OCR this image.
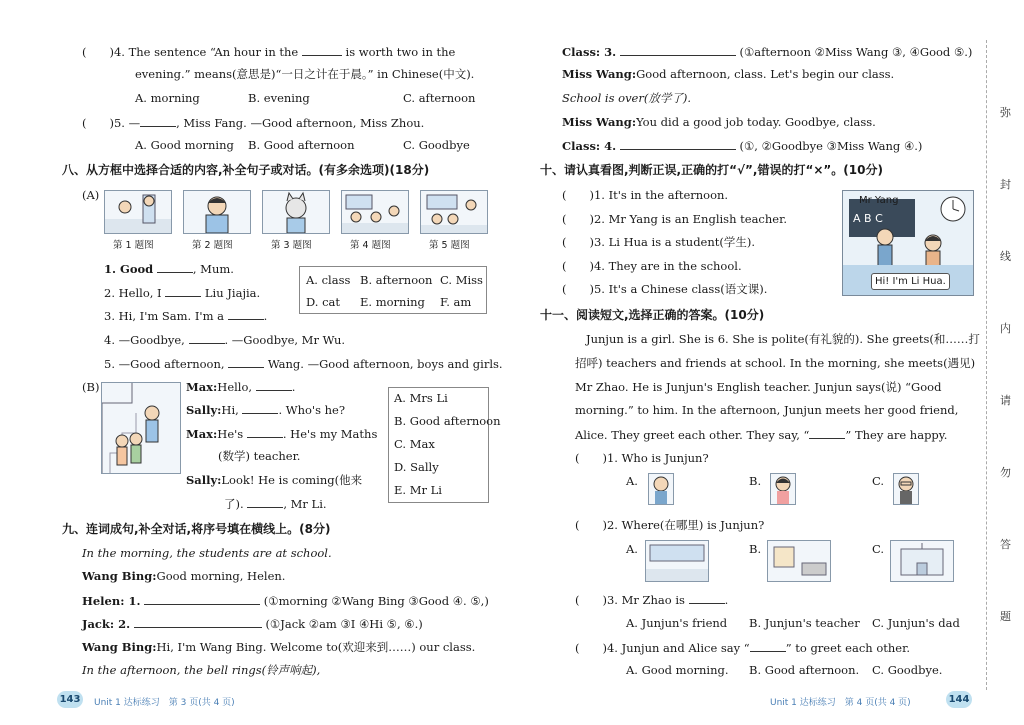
(　　)4. The sentence “An hour in the	is worth two in the
evening.” means(意思是)“一日之计在于晨。” in Chinese(中文).
A. morning	B. evening	C. afternoon
(　　)5. —	, Miss Fang. —Good afternoon, Miss Zhou.
A. Good morning B. Good afternoon	C. Goodbye
八、从方框中选择合适的内容,补全句子或对话。(有多余选项)(18分)
(A)
第 1 题图	第 2 题图	第 3 题图	第 4 题图	第 5 题图
1. Good	, Mum.
2. Hello, I	Liu Jiajia.
3. Hi, I'm Sam. I'm a	.
4. —Goodbye,	. —Goodbye, Mr Wu.
5. —Good afternoon,	Wang. —Good afternoon, boys and girls.
A. class B. afternoon C. Miss
D. cat E. morning F. am
(B)	Max:Hello,	.
Sally:Hi,	. Who's he?
Max:He's	. He's my Maths
(数学) teacher.
Sally:Look! He is coming(他来
了).	, Mr Li.
A. Mrs Li
B. Good afternoon
C. Max
D. Sally
E. Mr Li
九、连词成句,补全对话,将序号填在横线上。(8分)
In the morning, the students are at school.
Wang Bing:Good morning, Helen.
Helen: 1.	(①morning ②Wang Bing ③Good ④. ⑤,)
Jack: 2.	(①Jack ②am ③I ④Hi ⑤, ⑥.)
Wang Bing:Hi, I'm Wang Bing. Welcome to(欢迎来到……) our class.
In the afternoon, the bell rings(铃声响起),
143 Unit 1 达标练习　第 3 页(共 4 页)
Class: 3.	(①afternoon ②Miss Wang ③, ④Good ⑤.)
Miss Wang:Good afternoon, class. Let's begin our class.
School is over(放学了).
Miss Wang:You did a good job today. Goodbye, class.
Class: 4.	(①, ②Goodbye ③Miss Wang ④.)
十、请认真看图,判断正误,正确的打“√”,错误的打“×”。(10分)
(　　)1. It's in the afternoon.
(　　)2. Mr Yang is an English teacher.
(　　)3. Li Hua is a student(学生).
(　　)4. They are in the school.
(　　)5. It's a Chinese class(语文课).
Mr Yang
A B C
Hi! I'm Li Hua.
十一、阅读短文,选择正确的答案。(10分)
Junjun is a girl. She is 6. She is polite(有礼貌的). She greets(和……打
招呼) teachers and friends at school. In the morning, she meets(遇见)
Mr Zhao. He is Junjun's English teacher. Junjun says(说) “Good
morning.” to him. In the afternoon, Junjun meets her good friend,
Alice. They greet each other. They say, “	” They are happy.
(　　)1. Who is Junjun?
A.	B.	C.
(　　)2. Where(在哪里) is Junjun?
A.	B.	C.
(　　)3. Mr Zhao is	.
A. Junjun's friend B. Junjun's teacher C. Junjun's dad
(　　)4. Junjun and Alice say “	” to greet each other.
A. Good morning. B. Good afternoon. C. Goodbye.
Unit 1 达标练习　第 4 页(共 4 页)	144
弥
封
线
内
请
勿
答
题
